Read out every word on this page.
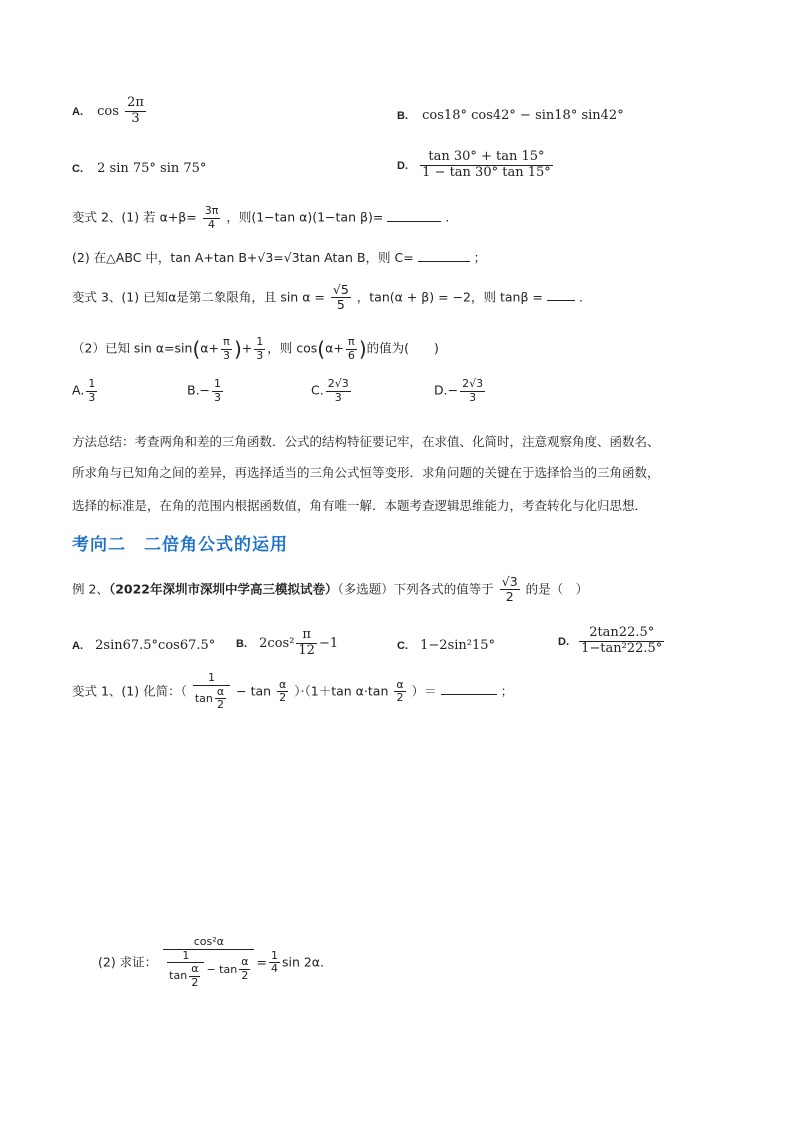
A. $\cos \frac{2\pi}{3}$	B. cos18° cos42° − sin18° sin42°
C. 2 sin 75° sin 75°	D. $\frac{\tan 30^\circ + \tan 15^\circ}{1 - \tan 30^\circ \tan 15^\circ}$
变式 2、(1) 若 $\alpha+\beta= \frac{3\pi}{4}$ ，则(1−tan α)(1−tan β)=	.
(2) 在△ABC 中，tan A+tan B+√3=√3tan Atan B，则 C=	；
变式 3、(1) 已知α是第二象限角，且 $\sin \alpha = \frac{√5}{5}$ ，tan(α + β) = −2，则 tanβ =	.
（2）已知 $\sin \alpha=\sin(\alpha+ \frac{\pi}{3}$ )+ $\frac{1}{3}$ ，则 $\cos(\alpha+ \frac{\pi}{6}$ )的值为(　　)
A. $\frac{1}{3}$	$B.- \frac{1}{3}$	C. $\frac{2√3}{3}$	$D.- \frac{2√3}{3}$
方法总结：考查两角和差的三角函数．公式的结构特征要记牢，在求值、化简时，注意观察角度、函数名、
所求角与已知角之间的差异，再选择适当的三角公式恒等变形．求角问题的关键在于选择恰当的三角函数，
选择的标准是，在角的范围内根据函数值，角有唯一解．本题考查逻辑思维能力，考查转化与化归思想．
考向二　二倍角公式的运用
例 2、（2022年深圳市深圳中学高三模拟试卷）（多选题）下列各式的值等于 $\frac{√3}{2}$ 的是（　）
A. 2sin67.5°cos67.5° B. $2\cos^2 \frac{\pi}{12} -1$	C. 1−2sin²15°	D. $\frac{2\tan 22.5^\circ}{\text{1−tan²22.5°}}$
变式 1、(1) 化简：（ $\frac{1}{\tan \frac{\alpha}{2}} - \tan \frac{\alpha}{2} )\cdot(1+\tan$ $\alpha\cdot\tan \frac{\alpha}{2}$ ）＝	；
(2) 求证： $\frac{\text{cos²α}}{\frac{1}{\tan \frac{\alpha}{2}} - \tan \frac{\alpha}{2}} = \frac{1}{4}$ sin 2α.
